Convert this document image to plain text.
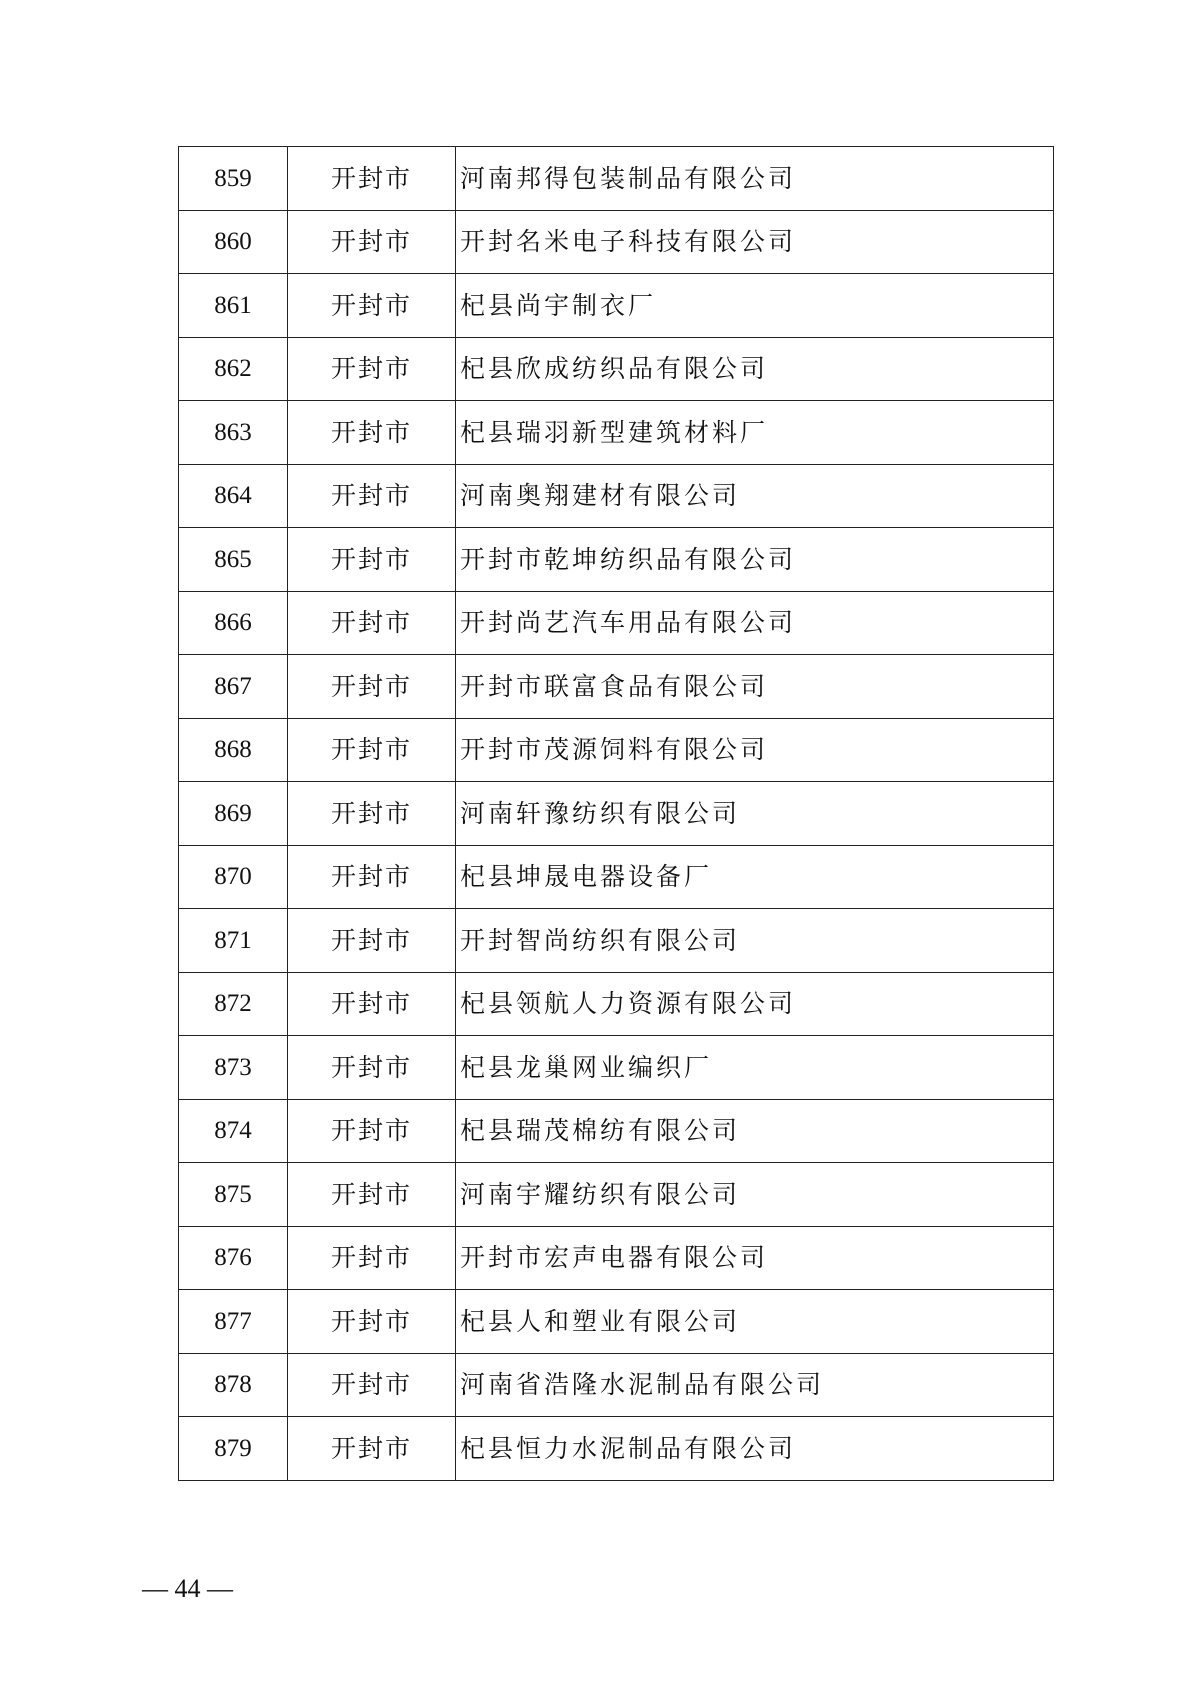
859	开封市	河南邦得包装制品有限公司
860	开封市	开封名米电子科技有限公司
861	开封市	杞县尚宇制衣厂
862	开封市	杞县欣成纺织品有限公司
863	开封市	杞县瑞羽新型建筑材料厂
864	开封市	河南奥翔建材有限公司
865	开封市	开封市乾坤纺织品有限公司
866	开封市	开封尚艺汽车用品有限公司
867	开封市	开封市联富食品有限公司
868	开封市	开封市茂源饲料有限公司
869	开封市	河南轩豫纺织有限公司
870	开封市	杞县坤晟电器设备厂
871	开封市	开封智尚纺织有限公司
872	开封市	杞县领航人力资源有限公司
873	开封市	杞县龙巢网业编织厂
874	开封市	杞县瑞茂棉纺有限公司
875	开封市	河南宇耀纺织有限公司
876	开封市	开封市宏声电器有限公司
877	开封市	杞县人和塑业有限公司
878	开封市	河南省浩隆水泥制品有限公司
879	开封市	杞县恒力水泥制品有限公司
— 44 —
